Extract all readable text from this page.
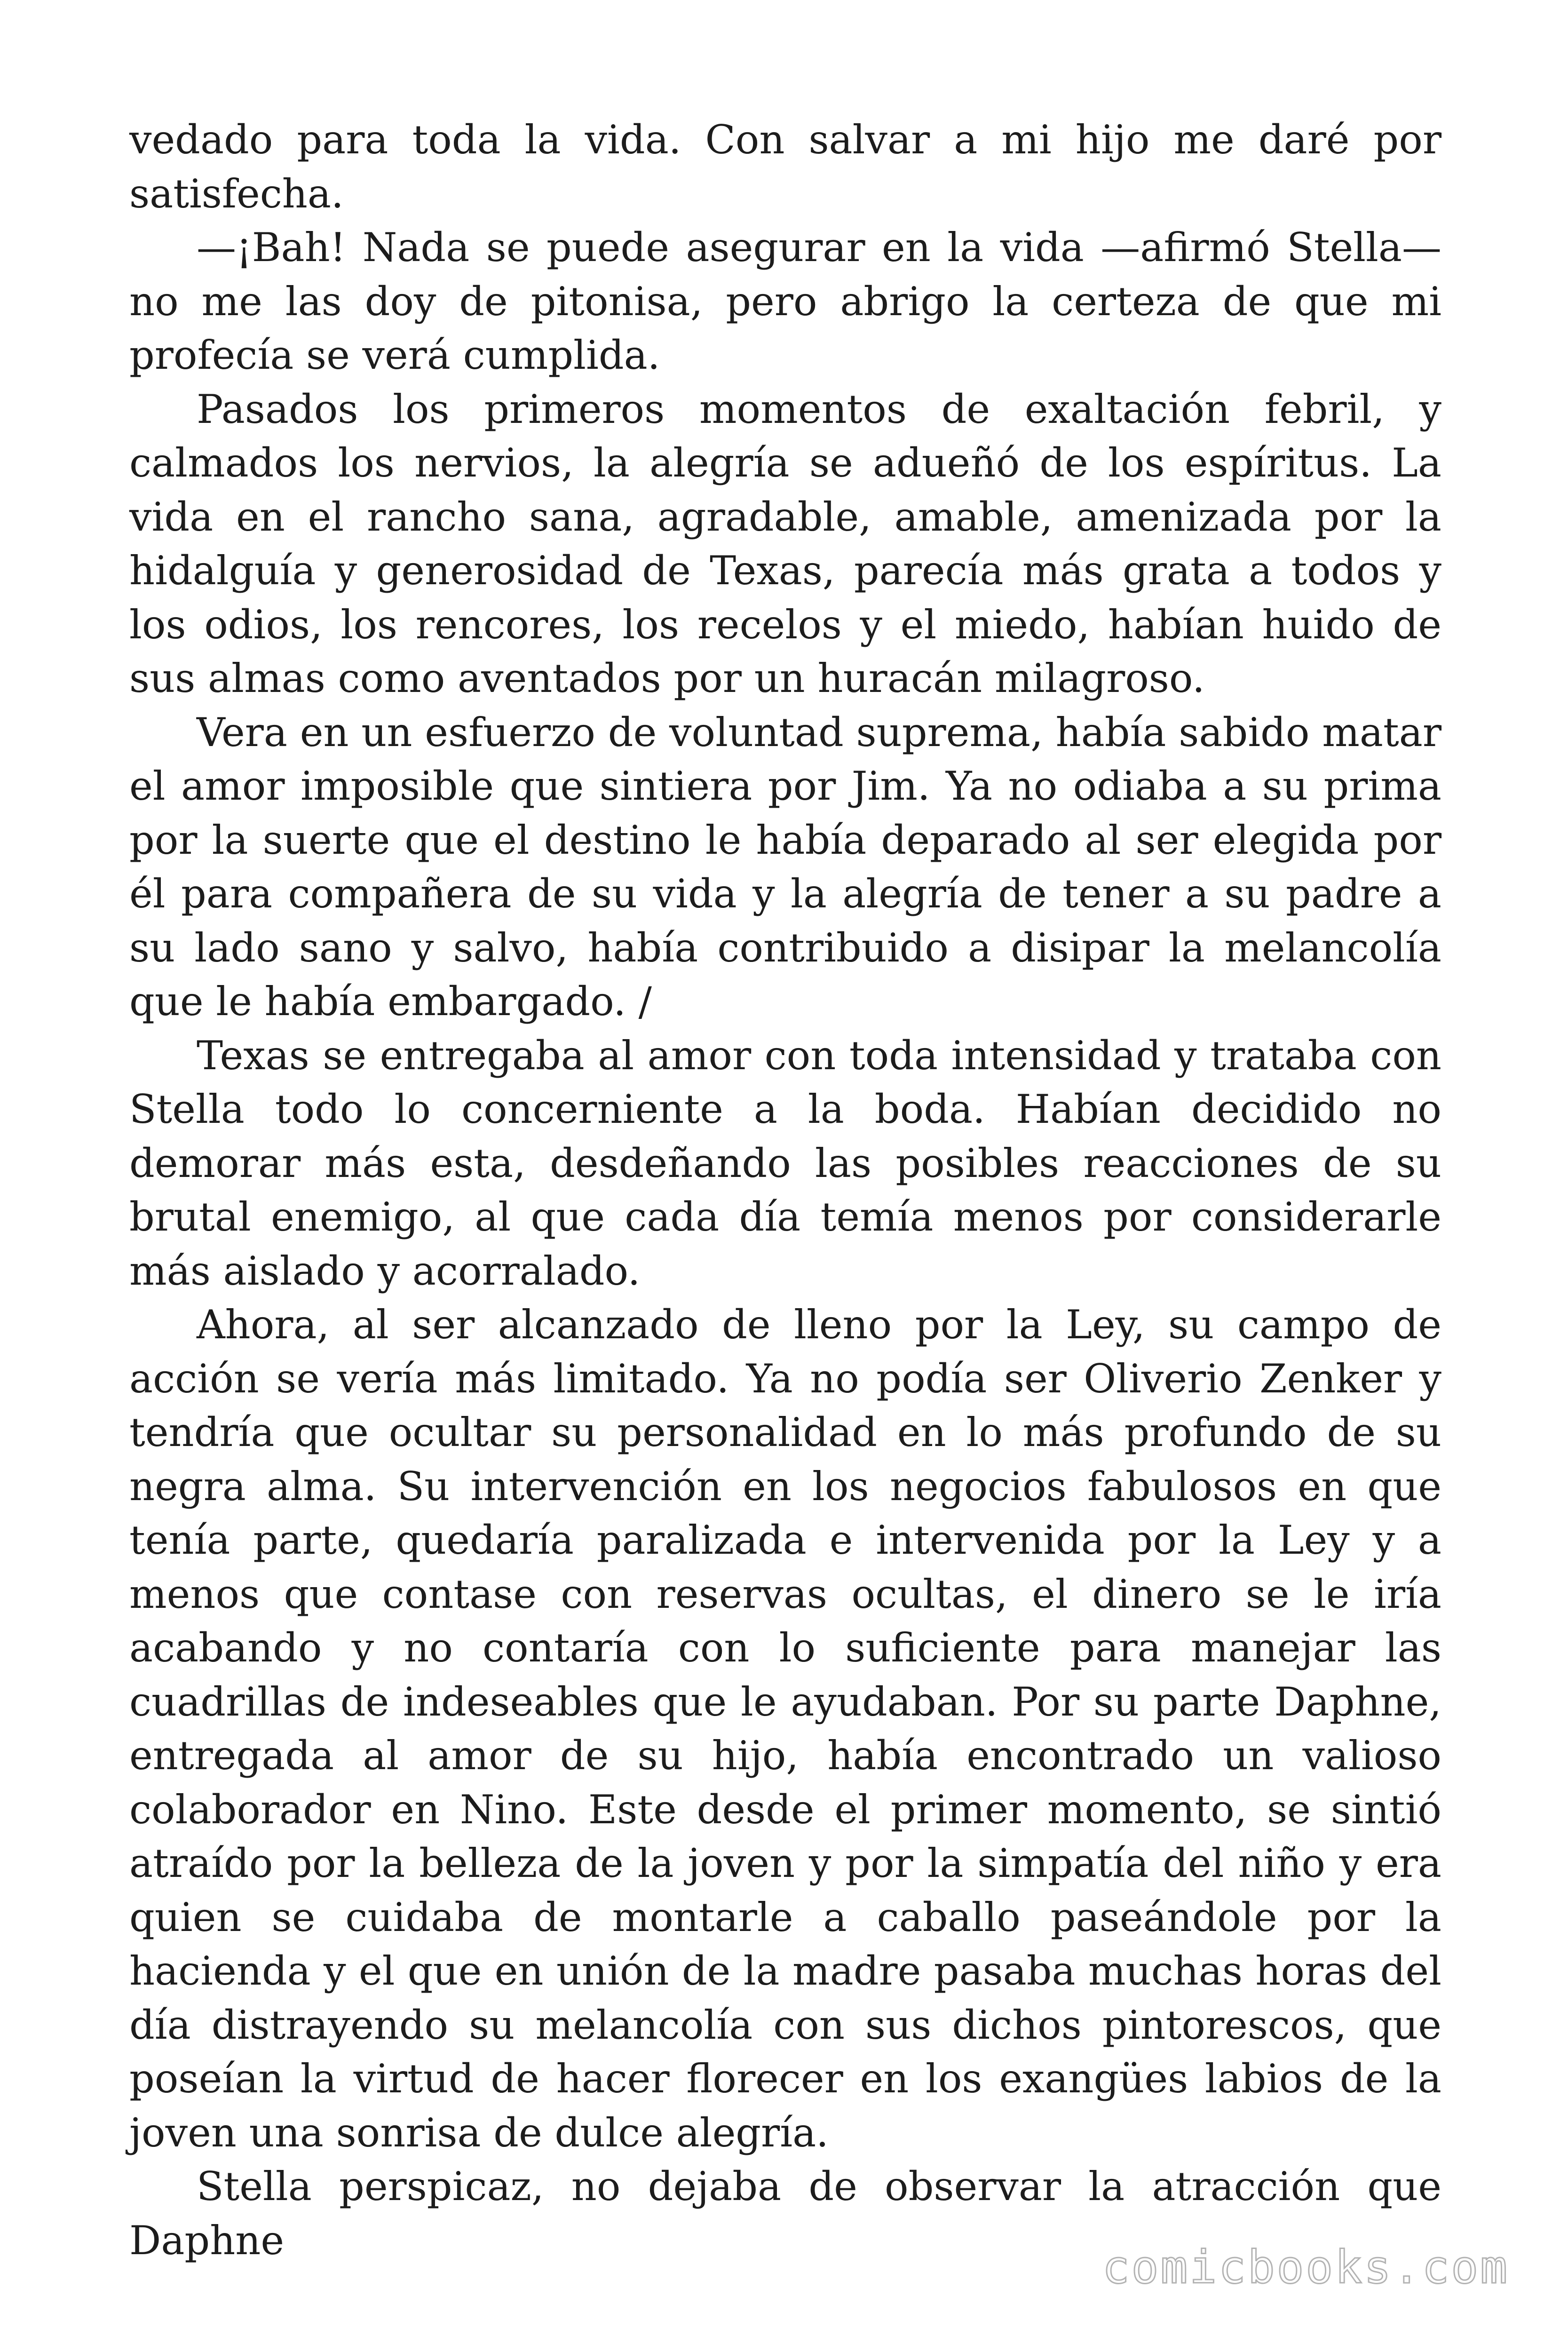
vedado para toda la vida. Con salvar a mi hijo me daré por satisfecha.

—¡Bah! Nada se puede asegurar en la vida —afirmó Stella— no me las doy de pitonisa, pero abrigo la certeza de que mi profecía se verá cumplida.

Pasados los primeros momentos de exaltación febril, y calmados los nervios, la alegría se adueñó de los espíritus. La vida en el rancho sana, agradable, amable, amenizada por la hidalguía y generosidad de Texas, parecía más grata a todos y los odios, los rencores, los recelos y el miedo, habían huido de sus almas como aventados por un huracán milagroso.

Vera en un esfuerzo de voluntad suprema, había sabido matar el amor imposible que sintiera por Jim. Ya no odiaba a su prima por la suerte que el destino le había deparado al ser elegida por él para compañera de su vida y la alegría de tener a su padre a su lado sano y salvo, había contribuido a disipar la melancolía que le había embargado. /

Texas se entregaba al amor con toda intensidad y trataba con Stella todo lo concerniente a la boda. Habían decidido no demorar más esta, desdeñando las posibles reacciones de su brutal enemigo, al que cada día temía menos por considerarle más aislado y acorralado.

Ahora, al ser alcanzado de lleno por la Ley, su campo de acción se vería más limitado. Ya no podía ser Oliverio Zenker y tendría que ocultar su personalidad en lo más profundo de su negra alma. Su intervención en los negocios fabulosos en que tenía parte, quedaría paralizada e intervenida por la Ley y a menos que contase con reservas ocultas, el dinero se le iría acabando y no contaría con lo suficiente para manejar las cuadrillas de indeseables que le ayudaban. Por su parte Daphne, entregada al amor de su hijo, había encontrado un valioso colaborador en Nino. Este desde el primer momento, se sintió atraído por la belleza de la joven y por la simpatía del niño y era quien se cuidaba de montarle a caballo paseándole por la hacienda y el que en unión de la madre pasaba muchas horas del día distrayendo su melancolía con sus dichos pintorescos, que poseían la virtud de hacer florecer en los exangües labios de la joven una sonrisa de dulce alegría.

Stella perspicaz, no dejaba de observar la atracción que Daphne

comicbooks.com
